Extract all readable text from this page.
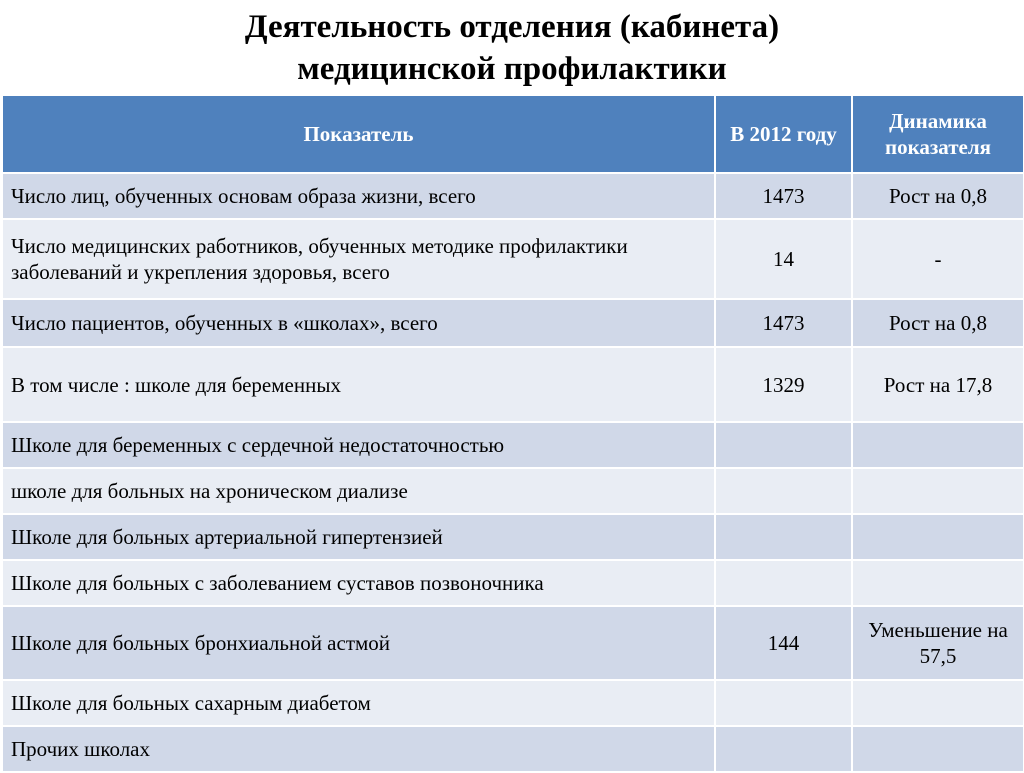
Деятельность отделения (кабинета)
медицинской профилактики
Показатель	В 2012 году	Динамика показателя
Число лиц, обученных основам образа жизни, всего	1473	Рост на 0,8
Число медицинских работников, обученных методике профилактики заболеваний и укрепления здоровья, всего	14	-
Число пациентов, обученных в «школах», всего	1473	Рост на 0,8
В том числе : школе для беременных	1329	Рост на 17,8
Школе для беременных с сердечной недостаточностью		
школе для больных на хроническом диализе		
Школе для больных артериальной гипертензией		
Школе для больных с заболеванием суставов позвоночника		
Школе для больных бронхиальной астмой	144	Уменьшение на 57,5
Школе для больных сахарным диабетом		
Прочих школах		
